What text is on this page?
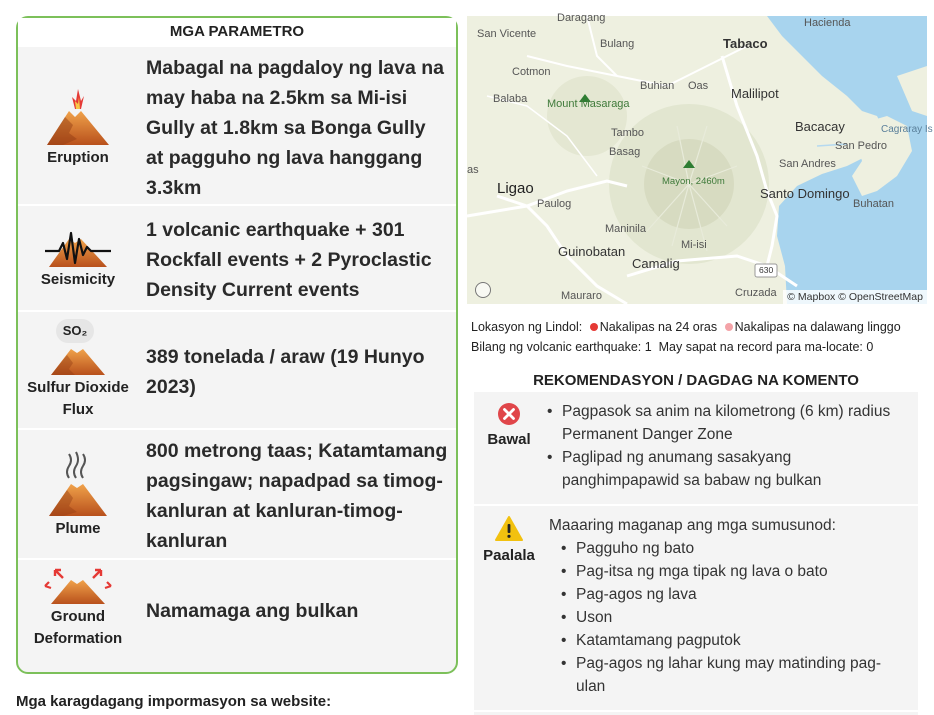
MGA PARAMETRO
Eruption
Mabagal na pagdaloy ng lava na may haba na 2.5km sa Mi-isi Gully at 1.8km sa Bonga Gully at pagguho ng lava hanggang 3.3km
Seismicity
1 volcanic earthquake + 301 Rockfall events + 2 Pyroclastic Density Current events
SO₂
Sulfur Dioxide Flux
389 tonelada / araw (19 Hunyo 2023)
Plume
800 metrong taas; Katamtamang pagsingaw; napadpad sa timog-kanluran at kanluran-timog-kanluran
Ground Deformation
Namamaga ang bulkan
Mga karagdagang impormasyon sa website:
Daragang
San Vicente
Bulang	Tabaco
Hacienda
Cotmon
Buhian Oas Malilipot
Balaba Mount Masaraga
Tambo	Bacacay	Cagraray Is
Basag	San Pedro
San Andres
Mayon, 2460m
as
Ligao	Santo Domingo
Paulog	Buhatan
Maninila
Mi-isi
Guinobatan
Camalig	630
Mauraro	Cruzada	© Mapbox © OpenStreetMap
Lokasyon ng Lindol: Nakalipas na 24 oras Nakalipas na dalawang linggo
Bilang ng volcanic earthquake: 1 May sapat na record para ma-locate: 0
REKOMENDASYON / DAGDAG NA KOMENTO
Bawal
• Pagpasok sa anim na kilometrong (6 km) radius Permanent Danger Zone
• Paglipad ng anumang sasakyang panghimpapawid sa babaw ng bulkan
Paalala
Maaaring maganap ang mga sumusunod:
• Pagguho ng bato
• Pag-itsa ng mga tipak ng lava o bato
• Pag-agos ng lava
• Uson
• Katamtamang pagputok
• Pag-agos ng lahar kung may matinding pag-ulan
